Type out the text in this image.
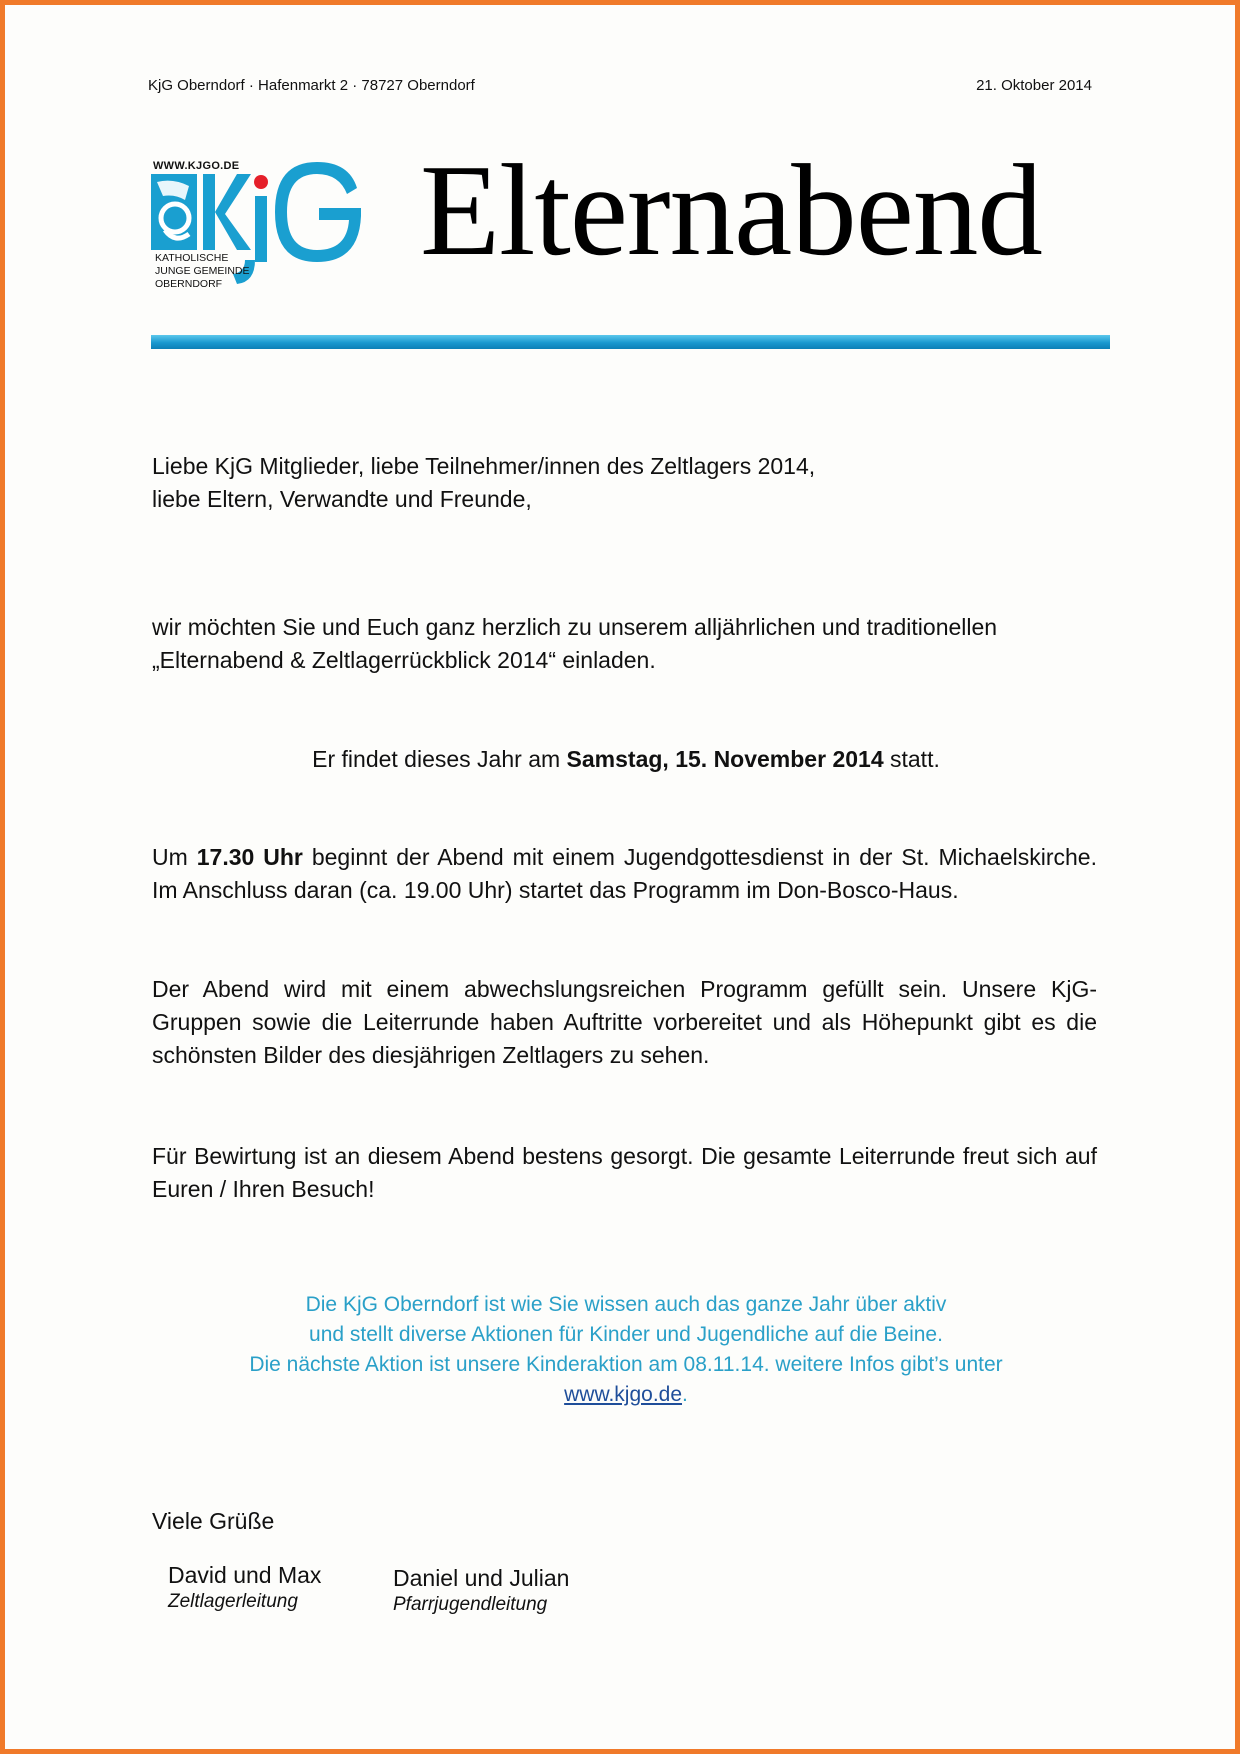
KjG Oberndorf · Hafenmarkt 2 · 78727 Oberndorf	21. Oktober 2014
WWW.KJGO.DE
KATHOLISCHE
JUNGE GEMEINDE
OBERNDORF
Elternabend
Liebe KjG Mitglieder, liebe Teilnehmer/innen des Zeltlagers 2014,
liebe Eltern, Verwandte und Freunde,
wir möchten Sie und Euch ganz herzlich zu unserem alljährlichen und traditionellen
„Elternabend & Zeltlagerrückblick 2014“ einladen.
Er findet dieses Jahr am Samstag, 15. November 2014 statt.
Um 17.30 Uhr beginnt der Abend mit einem Jugendgottesdienst in der St. Michaelskirche. Im Anschluss daran (ca. 19.00 Uhr) startet das Programm im Don-Bosco-Haus.
Der Abend wird mit einem abwechslungsreichen Programm gefüllt sein. Unsere KjG-Gruppen sowie die Leiterrunde haben Auftritte vorbereitet und als Höhepunkt gibt es die schönsten Bilder des diesjährigen Zeltlagers zu sehen.
Für Bewirtung ist an diesem Abend bestens gesorgt. Die gesamte Leiterrunde freut sich auf Euren / Ihren Besuch!
Die KjG Oberndorf ist wie Sie wissen auch das ganze Jahr über aktiv
und stellt diverse Aktionen für Kinder und Jugendliche auf die Beine.
Die nächste Aktion ist unsere Kinderaktion am 08.11.14. weitere Infos gibt’s unter
www.kjgo.de.
Viele Grüße
David und Max
Zeltlagerleitung
Daniel und Julian
Pfarrjugendleitung
